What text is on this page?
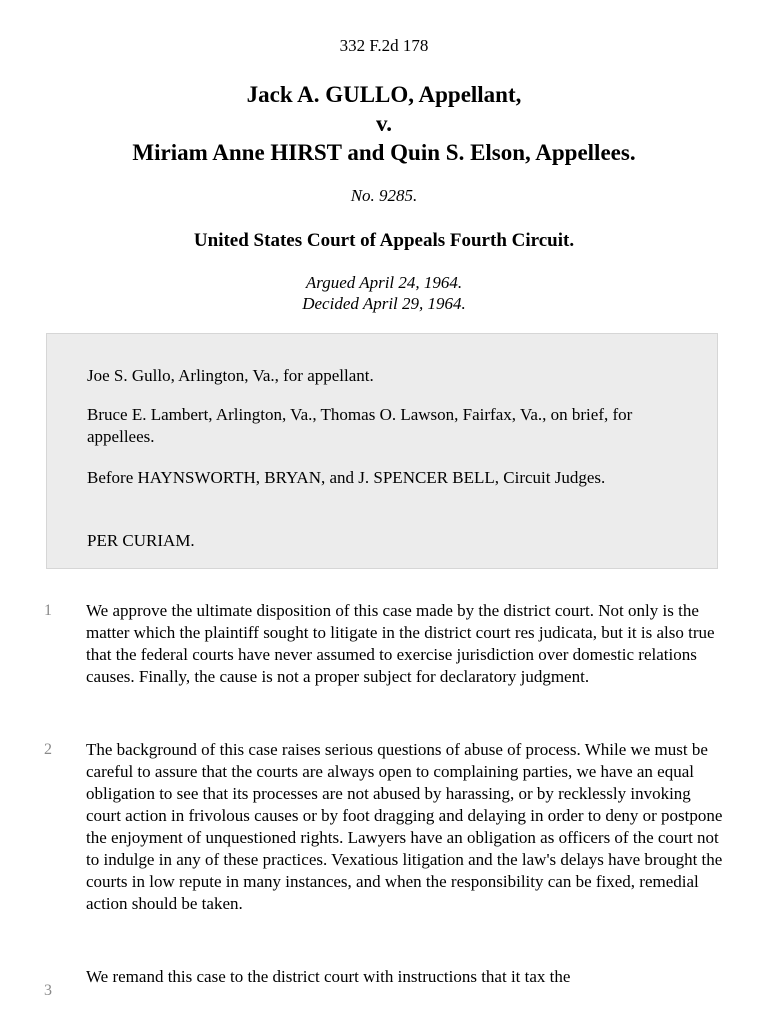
332 F.2d 178
Jack A. GULLO, Appellant,
v.
Miriam Anne HIRST and Quin S. Elson, Appellees.
No. 9285.
United States Court of Appeals Fourth Circuit.
Argued April 24, 1964.
Decided April 29, 1964.

Joe S. Gullo, Arlington, Va., for appellant.

Bruce E. Lambert, Arlington, Va., Thomas O. Lawson, Fairfax, Va., on brief, for appellees.

Before HAYNSWORTH, BRYAN, and J. SPENCER BELL, Circuit Judges.

PER CURIAM.

1	We approve the ultimate disposition of this case made by the district court. Not only is the matter which the plaintiff sought to litigate in the district court res judicata, but it is also true that the federal courts have never assumed to exercise jurisdiction over domestic relations causes. Finally, the cause is not a proper subject for declaratory judgment.

2	The background of this case raises serious questions of abuse of process. While we must be careful to assure that the courts are always open to complaining parties, we have an equal obligation to see that its processes are not abused by harassing, or by recklessly invoking court action in frivolous causes or by foot dragging and delaying in order to deny or postpone the enjoyment of unquestioned rights. Lawyers have an obligation as officers of the court not to indulge in any of these practices. Vexatious litigation and the law's delays have brought the courts in low repute in many instances, and when the responsibility can be fixed, remedial action should be taken.

3

We remand this case to the district court with instructions that it tax the
